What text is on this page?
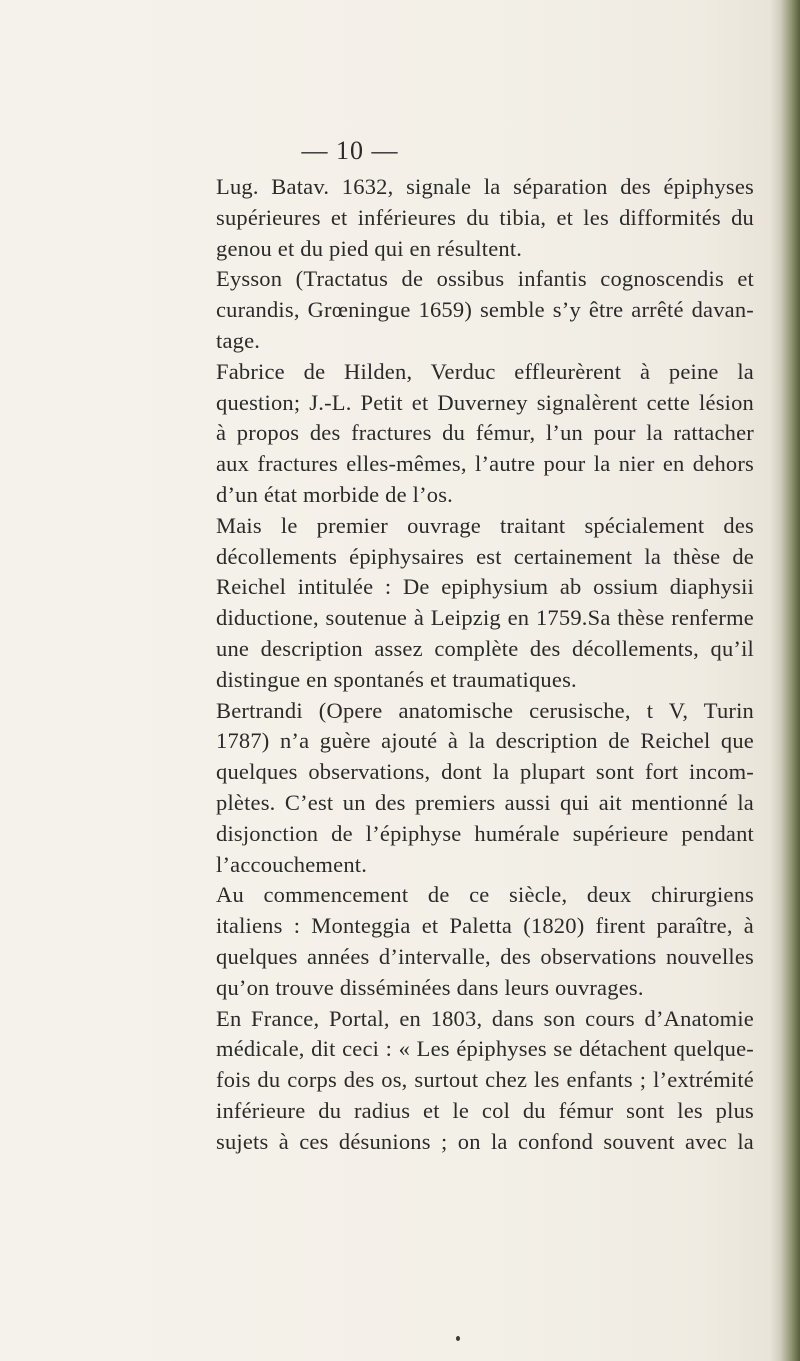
— 10 —
Lug. Batav. 1632, signale la séparation des épiphyses
supérieures et inférieures du tibia, et les difformités du
genou et du pied qui en résultent.
Eysson (Tractatus de ossibus infantis cognoscendis et
curandis, Grœningue 1659) semble s’y être arrêté davan-
tage.
Fabrice de Hilden, Verduc effleurèrent à peine la
question; J.-L. Petit et Duverney signalèrent cette lésion
à propos des fractures du fémur, l’un pour la rattacher
aux fractures elles-mêmes, l’autre pour la nier en dehors
d’un état morbide de l’os.
Mais le premier ouvrage traitant spécialement des
décollements épiphysaires est certainement la thèse de
Reichel intitulée : De epiphysium ab ossium diaphysii
diductione, soutenue à Leipzig en 1759.Sa thèse renferme
une description assez complète des décollements, qu’il
distingue en spontanés et traumatiques.
Bertrandi (Opere anatomische cerusische, t V, Turin
1787) n’a guère ajouté à la description de Reichel que
quelques observations, dont la plupart sont fort incom-
plètes. C’est un des premiers aussi qui ait mentionné la
disjonction de l’épiphyse humérale supérieure pendant
l’accouchement.
Au commencement de ce siècle, deux chirurgiens
italiens : Monteggia et Paletta (1820) firent paraître, à
quelques années d’intervalle, des observations nouvelles
qu’on trouve disséminées dans leurs ouvrages.
En France, Portal, en 1803, dans son cours d’Anatomie
médicale, dit ceci : « Les épiphyses se détachent quelque-
fois du corps des os, surtout chez les enfants ; l’extrémité
inférieure du radius et le col du fémur sont les plus
sujets à ces désunions ; on la confond souvent avec la
